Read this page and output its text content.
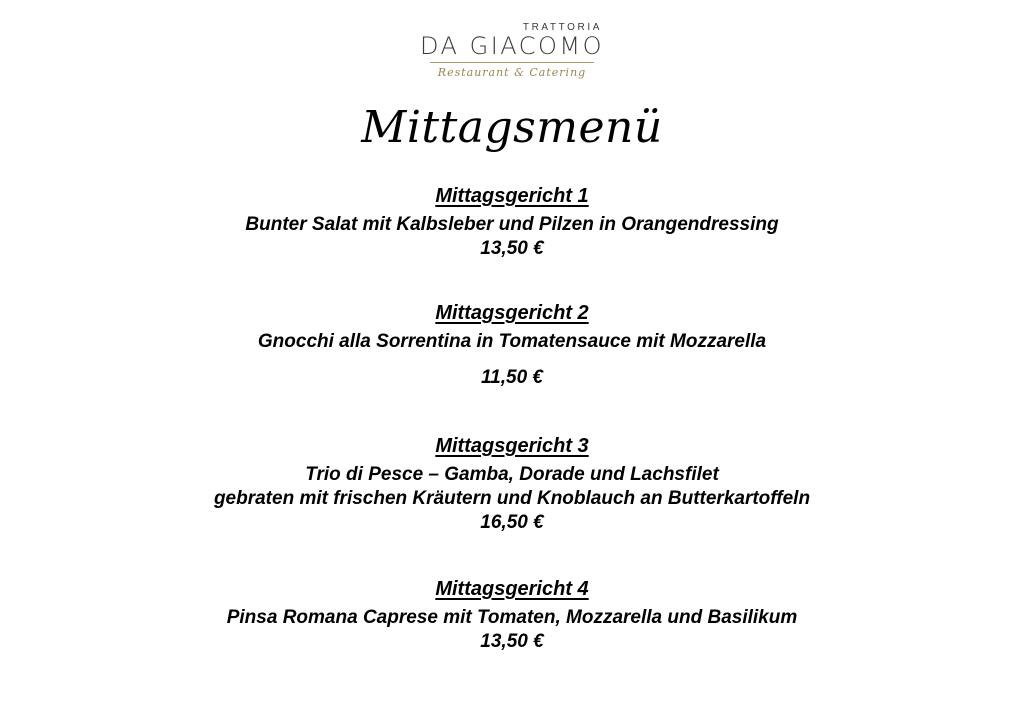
TRATTORIA
DA GIACOMO
Restaurant & Catering
Mittagsmenü
Mittagsgericht 1
Bunter Salat mit Kalbsleber und Pilzen in Orangendressing
13,50 €
Mittagsgericht 2
Gnocchi alla Sorrentina in Tomatensauce mit Mozzarella
11,50 €
Mittagsgericht 3
Trio di Pesce – Gamba, Dorade und Lachsfilet
gebraten mit frischen Kräutern und Knoblauch an Butterkartoffeln
16,50 €
Mittagsgericht 4
Pinsa Romana Caprese mit Tomaten, Mozzarella und Basilikum
13,50 €
